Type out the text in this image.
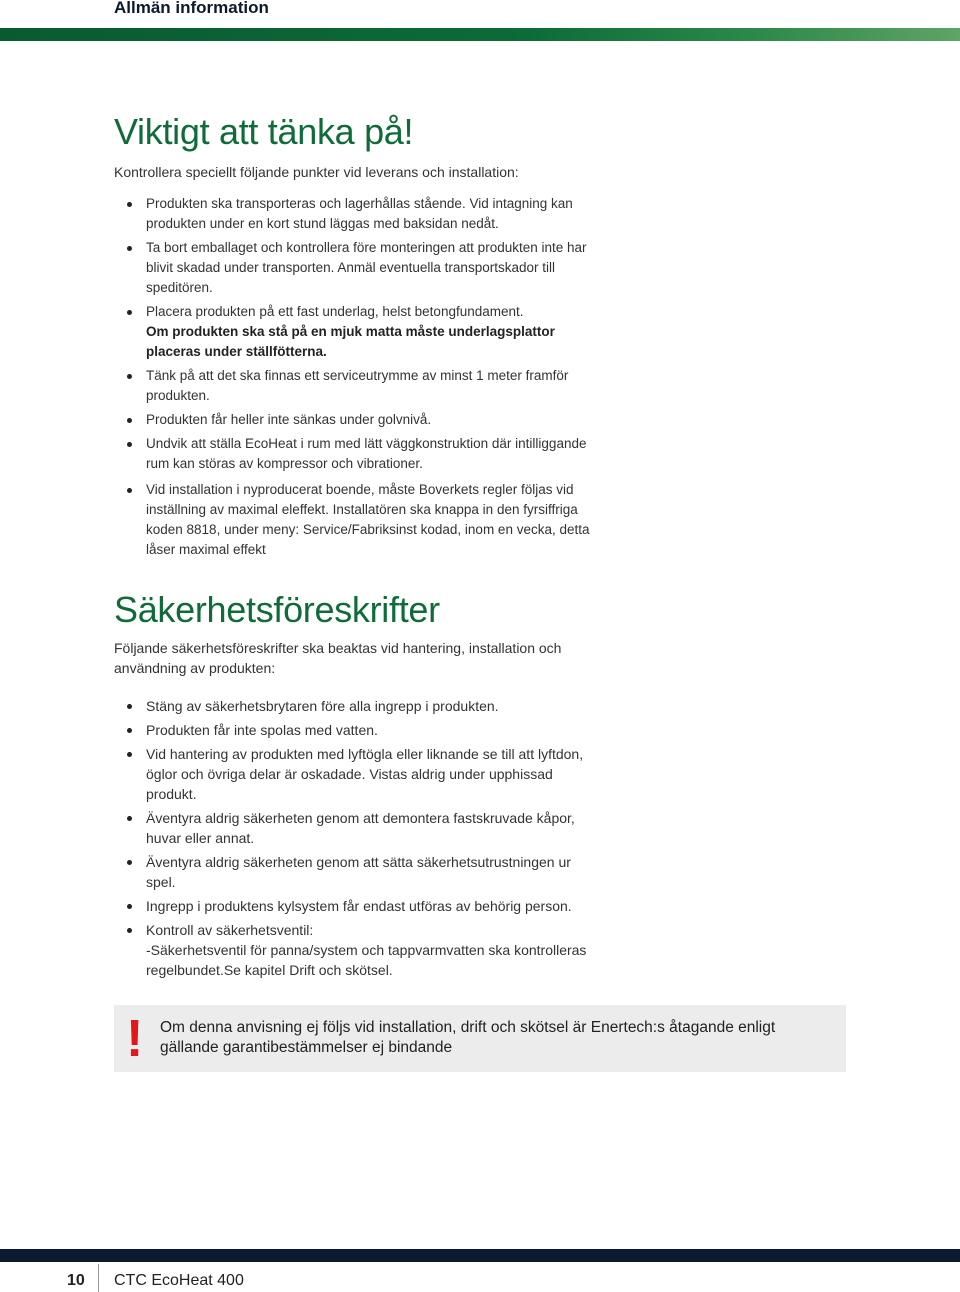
Allmän information
Viktigt att tänka på!

Kontrollera speciellt följande punkter vid leverans och installation:

Produkten ska transporteras och lagerhållas stående. Vid intagning kan produkten under en kort stund läggas med baksidan nedåt.
Ta bort emballaget och kontrollera före monteringen att produkten inte har blivit skadad under transporten. Anmäl eventuella transportskador till speditören.
Placera produkten på ett fast underlag, helst betongfundament.
Om produkten ska stå på en mjuk matta måste underlagsplattor placeras under ställfötterna.
Tänk på att det ska finnas ett serviceutrymme av minst 1 meter framför produkten.
Produkten får heller inte sänkas under golvnivå.
Undvik att ställa EcoHeat i rum med lätt väggkonstruktion där intilliggande rum kan störas av kompressor och vibrationer.
Vid installation i nyproducerat boende, måste Boverkets regler följas vid inställning av maximal eleffekt. Installatören ska knappa in den fyrsiffriga koden 8818, under meny: Service/Fabriksinst kodad, inom en vecka, detta låser maximal effekt
Säkerhetsföreskrifter

Följande säkerhetsföreskrifter ska beaktas vid hantering, installation och användning av produkten:

Stäng av säkerhetsbrytaren före alla ingrepp i produkten.
Produkten får inte spolas med vatten.
Vid hantering av produkten med lyftögla eller liknande se till att lyftdon, öglor och övriga delar är oskadade. Vistas aldrig under upphissad produkt.
Äventyra aldrig säkerheten genom att demontera fastskruvade kåpor, huvar eller annat.
Äventyra aldrig säkerheten genom att sätta säkerhetsutrustningen ur spel.
Ingrepp i produktens kylsystem får endast utföras av behörig person.
Kontroll av säkerhetsventil:
-Säkerhetsventil för panna/system och tappvarmvatten ska kontrolleras regelbundet.Se kapitel Drift och skötsel.
! Om denna anvisning ej följs vid installation, drift och skötsel är Enertech:s åtagande enligt gällande garantibestämmelser ej bindande
10 CTC EcoHeat 400
